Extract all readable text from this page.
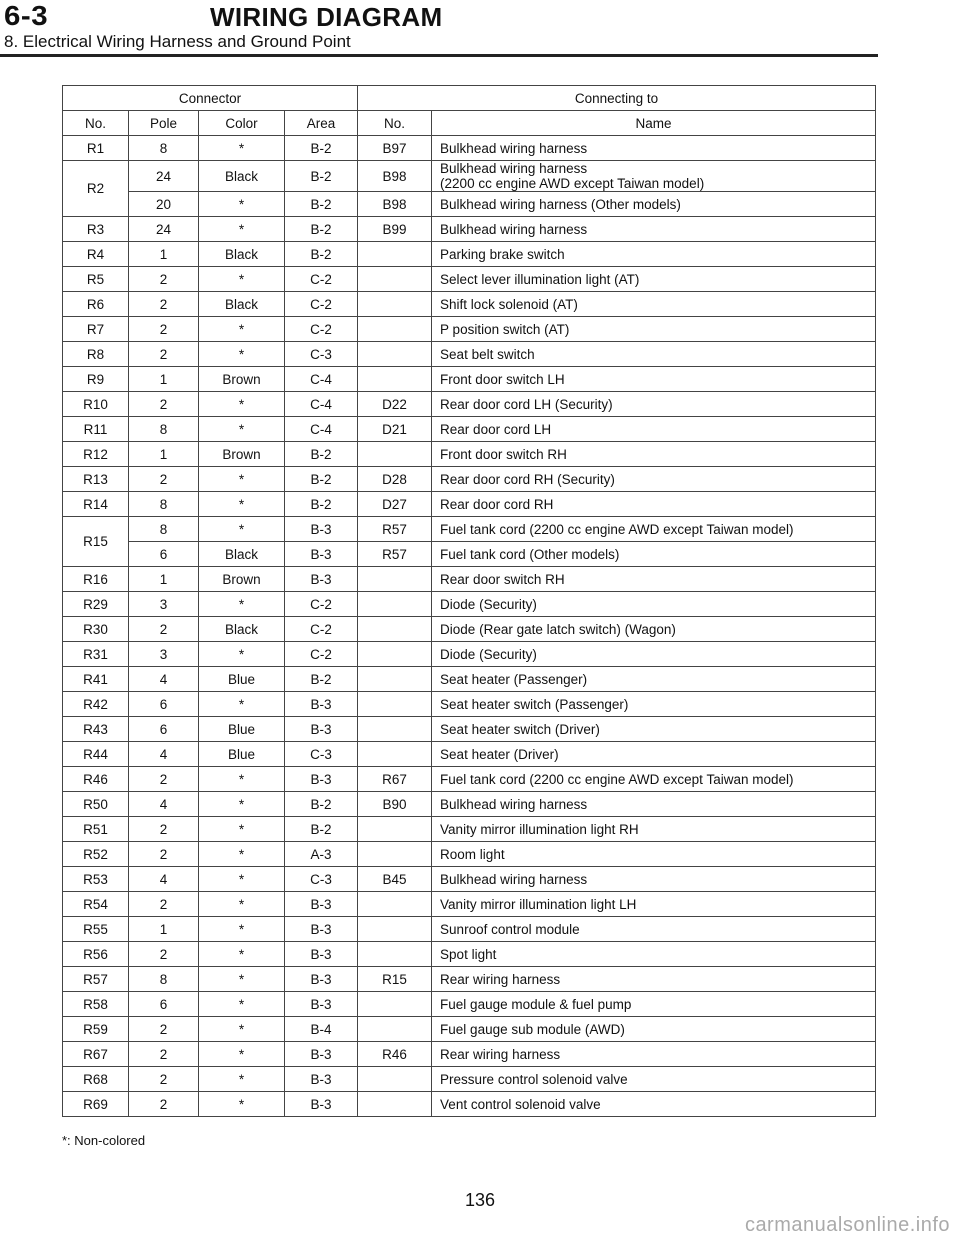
6-3	WIRING DIAGRAM
8. Electrical Wiring Harness and Ground Point
Connector				Connecting to	
No.	Pole	Color	Area	No.	Name
R1	8	*	B-2	B97	Bulkhead wiring harness
R2	24	Black	B-2	B98	Bulkhead wiring harness
(2200 cc engine AWD except Taiwan model)
	20	*	B-2	B98	Bulkhead wiring harness (Other models)
R3	24	*	B-2	B99	Bulkhead wiring harness
R4	1	Black	B-2		Parking brake switch
R5	2	*	C-2		Select lever illumination light (AT)
R6	2	Black	C-2		Shift lock solenoid (AT)
R7	2	*	C-2		P position switch (AT)
R8	2	*	C-3		Seat belt switch
R9	1	Brown	C-4		Front door switch LH
R10	2	*	C-4	D22	Rear door cord LH (Security)
R11	8	*	C-4	D21	Rear door cord LH
R12	1	Brown	B-2		Front door switch RH
R13	2	*	B-2	D28	Rear door cord RH (Security)
R14	8	*	B-2	D27	Rear door cord RH
R15	8	*	B-3	R57	Fuel tank cord (2200 cc engine AWD except Taiwan model)
	6	Black	B-3	R57	Fuel tank cord (Other models)
R16	1	Brown	B-3		Rear door switch RH
R29	3	*	C-2		Diode (Security)
R30	2	Black	C-2		Diode (Rear gate latch switch) (Wagon)
R31	3	*	C-2		Diode (Security)
R41	4	Blue	B-2		Seat heater (Passenger)
R42	6	*	B-3		Seat heater switch (Passenger)
R43	6	Blue	B-3		Seat heater switch (Driver)
R44	4	Blue	C-3		Seat heater (Driver)
R46	2	*	B-3	R67	Fuel tank cord (2200 cc engine AWD except Taiwan model)
R50	4	*	B-2	B90	Bulkhead wiring harness
R51	2	*	B-2		Vanity mirror illumination light RH
R52	2	*	A-3		Room light
R53	4	*	C-3	B45	Bulkhead wiring harness
R54	2	*	B-3		Vanity mirror illumination light LH
R55	1	*	B-3		Sunroof control module
R56	2	*	B-3		Spot light
R57	8	*	B-3	R15	Rear wiring harness
R58	6	*	B-3		Fuel gauge module & fuel pump
R59	2	*	B-4		Fuel gauge sub module (AWD)
R67	2	*	B-3	R46	Rear wiring harness
R68	2	*	B-3		Pressure control solenoid valve
R69	2	*	B-3		Vent control solenoid valve
*: Non-colored
136
carmanualsonline.info
